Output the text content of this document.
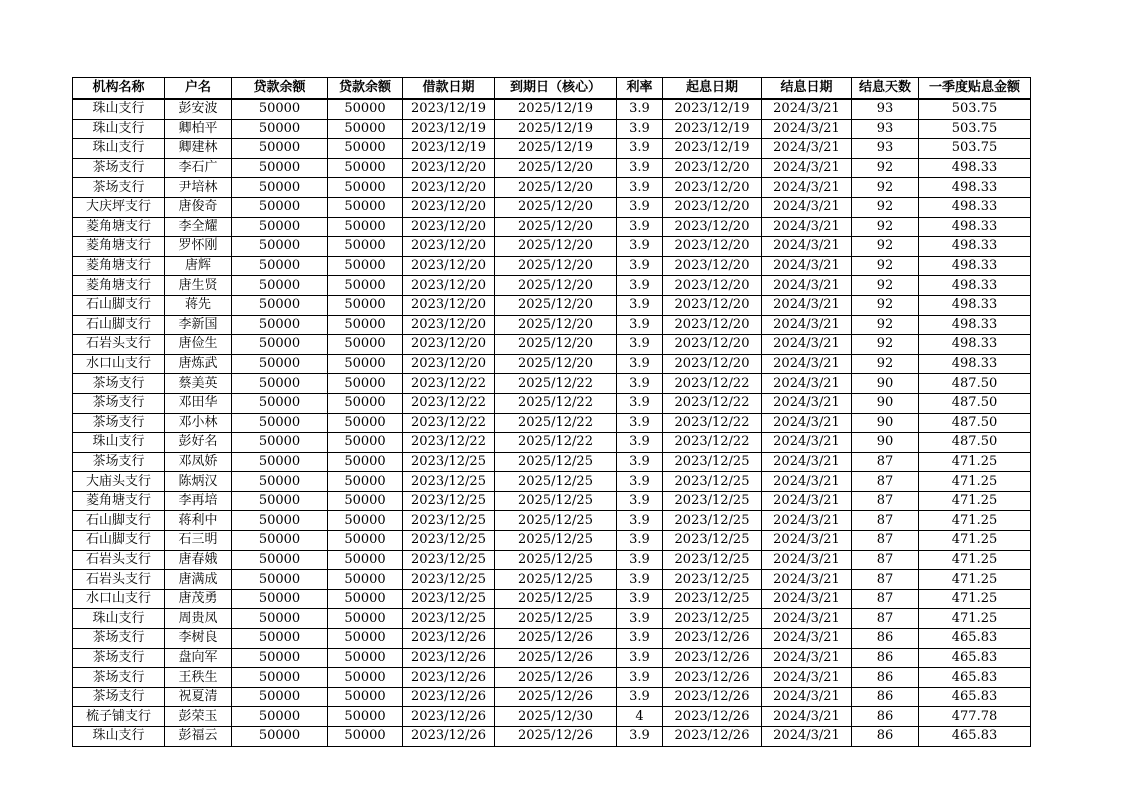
机构名称	户名	贷款余额	贷款余额	借款日期	到期日（核心）	利率	起息日期	结息日期	结息天数	一季度贴息金额
珠山支行	彭安波	50000	50000	2023/12/19	2025/12/19	3.9	2023/12/19	2024/3/21	93	503.75
珠山支行	卿柏平	50000	50000	2023/12/19	2025/12/19	3.9	2023/12/19	2024/3/21	93	503.75
珠山支行	卿建林	50000	50000	2023/12/19	2025/12/19	3.9	2023/12/19	2024/3/21	93	503.75
茶场支行	李石广	50000	50000	2023/12/20	2025/12/20	3.9	2023/12/20	2024/3/21	92	498.33
茶场支行	尹培林	50000	50000	2023/12/20	2025/12/20	3.9	2023/12/20	2024/3/21	92	498.33
大庆坪支行	唐俊奇	50000	50000	2023/12/20	2025/12/20	3.9	2023/12/20	2024/3/21	92	498.33
菱角塘支行	李全耀	50000	50000	2023/12/20	2025/12/20	3.9	2023/12/20	2024/3/21	92	498.33
菱角塘支行	罗怀刚	50000	50000	2023/12/20	2025/12/20	3.9	2023/12/20	2024/3/21	92	498.33
菱角塘支行	唐辉	50000	50000	2023/12/20	2025/12/20	3.9	2023/12/20	2024/3/21	92	498.33
菱角塘支行	唐生贤	50000	50000	2023/12/20	2025/12/20	3.9	2023/12/20	2024/3/21	92	498.33
石山脚支行	蒋先	50000	50000	2023/12/20	2025/12/20	3.9	2023/12/20	2024/3/21	92	498.33
石山脚支行	李新国	50000	50000	2023/12/20	2025/12/20	3.9	2023/12/20	2024/3/21	92	498.33
石岩头支行	唐俭生	50000	50000	2023/12/20	2025/12/20	3.9	2023/12/20	2024/3/21	92	498.33
水口山支行	唐炼武	50000	50000	2023/12/20	2025/12/20	3.9	2023/12/20	2024/3/21	92	498.33
茶场支行	蔡美英	50000	50000	2023/12/22	2025/12/22	3.9	2023/12/22	2024/3/21	90	487.50
茶场支行	邓田华	50000	50000	2023/12/22	2025/12/22	3.9	2023/12/22	2024/3/21	90	487.50
茶场支行	邓小林	50000	50000	2023/12/22	2025/12/22	3.9	2023/12/22	2024/3/21	90	487.50
珠山支行	彭好名	50000	50000	2023/12/22	2025/12/22	3.9	2023/12/22	2024/3/21	90	487.50
茶场支行	邓凤娇	50000	50000	2023/12/25	2025/12/25	3.9	2023/12/25	2024/3/21	87	471.25
大庙头支行	陈炳汉	50000	50000	2023/12/25	2025/12/25	3.9	2023/12/25	2024/3/21	87	471.25
菱角塘支行	李再培	50000	50000	2023/12/25	2025/12/25	3.9	2023/12/25	2024/3/21	87	471.25
石山脚支行	蒋利中	50000	50000	2023/12/25	2025/12/25	3.9	2023/12/25	2024/3/21	87	471.25
石山脚支行	石三明	50000	50000	2023/12/25	2025/12/25	3.9	2023/12/25	2024/3/21	87	471.25
石岩头支行	唐春娥	50000	50000	2023/12/25	2025/12/25	3.9	2023/12/25	2024/3/21	87	471.25
石岩头支行	唐满成	50000	50000	2023/12/25	2025/12/25	3.9	2023/12/25	2024/3/21	87	471.25
水口山支行	唐茂勇	50000	50000	2023/12/25	2025/12/25	3.9	2023/12/25	2024/3/21	87	471.25
珠山支行	周贵凤	50000	50000	2023/12/25	2025/12/25	3.9	2023/12/25	2024/3/21	87	471.25
茶场支行	李树良	50000	50000	2023/12/26	2025/12/26	3.9	2023/12/26	2024/3/21	86	465.83
茶场支行	盘向军	50000	50000	2023/12/26	2025/12/26	3.9	2023/12/26	2024/3/21	86	465.83
茶场支行	王秩生	50000	50000	2023/12/26	2025/12/26	3.9	2023/12/26	2024/3/21	86	465.83
茶场支行	祝夏清	50000	50000	2023/12/26	2025/12/26	3.9	2023/12/26	2024/3/21	86	465.83
梳子铺支行	彭荣玉	50000	50000	2023/12/26	2025/12/30	4	2023/12/26	2024/3/21	86	477.78
珠山支行	彭福云	50000	50000	2023/12/26	2025/12/26	3.9	2023/12/26	2024/3/21	86	465.83
